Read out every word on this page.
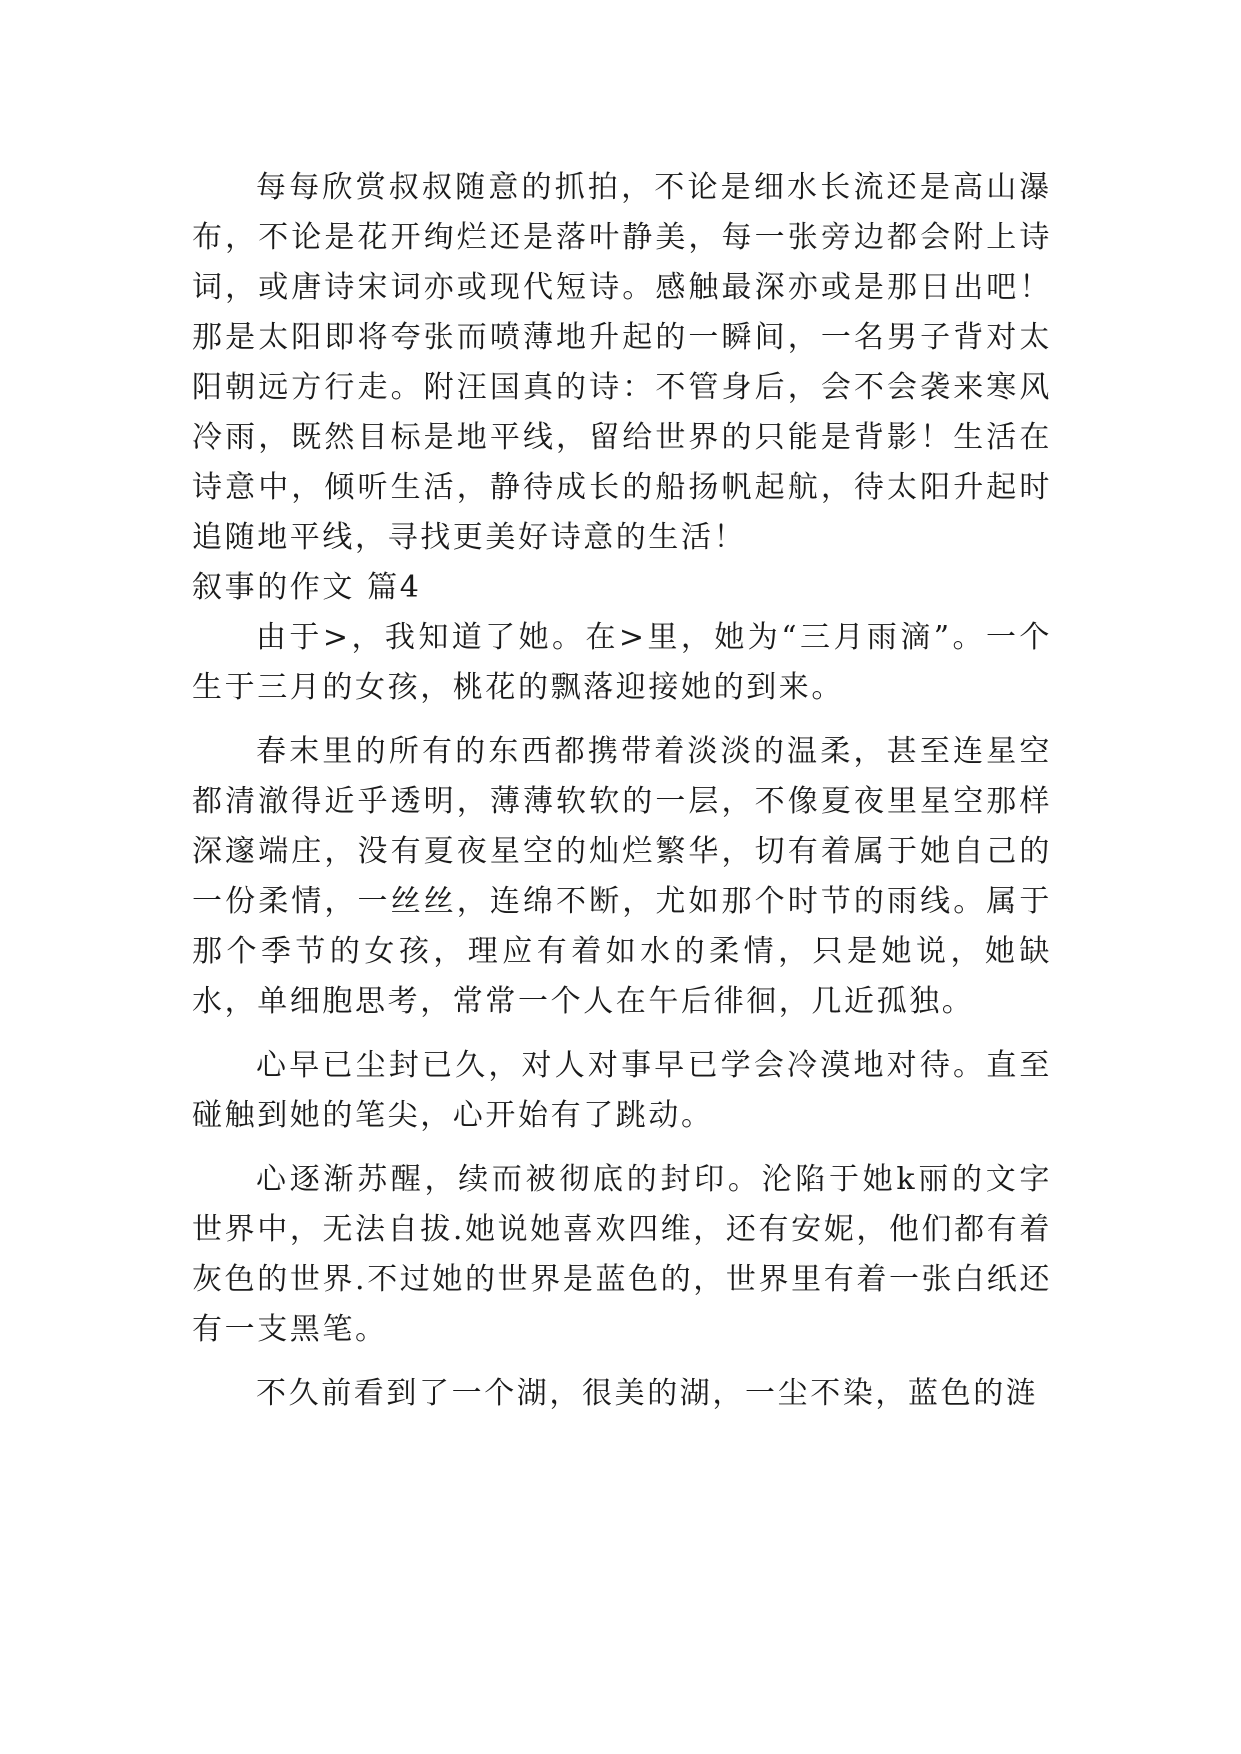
每每欣赏叔叔随意的抓拍，不论是细水长流还是高山瀑布，不论是花开绚烂还是落叶静美，每一张旁边都会附上诗词，或唐诗宋词亦或现代短诗。感触最深亦或是那日出吧！那是太阳即将夸张而喷薄地升起的一瞬间，一名男子背对太阳朝远方行走。附汪国真的诗：不管身后，会不会袭来寒风冷雨，既然目标是地平线，留给世界的只能是背影！生活在诗意中，倾听生活，静待成长的船扬帆起航，待太阳升起时追随地平线，寻找更美好诗意的生活！

叙事的作文 篇4

由于>，我知道了她。在>里，她为“三月雨滴”。一个生于三月的女孩，桃花的飘落迎接她的到来。

春末里的所有的东西都携带着淡淡的温柔，甚至连星空都清澈得近乎透明，薄薄软软的一层，不像夏夜里星空那样深邃端庄，没有夏夜星空的灿烂繁华，切有着属于她自己的一份柔情，一丝丝，连绵不断，尤如那个时节的雨线。属于那个季节的女孩，理应有着如水的柔情，只是她说，她缺水，单细胞思考，常常一个人在午后徘徊，几近孤独。

心早已尘封已久，对人对事早已学会冷漠地对待。直至碰触到她的笔尖，心开始有了跳动。

心逐渐苏醒，续而被彻底的封印。沦陷于她k丽的文字世界中，无法自拔.她说她喜欢四维，还有安妮，他们都有着灰色的世界.不过她的世界是蓝色的，世界里有着一张白纸还有一支黑笔。

不久前看到了一个湖，很美的湖，一尘不染，蓝色的涟
